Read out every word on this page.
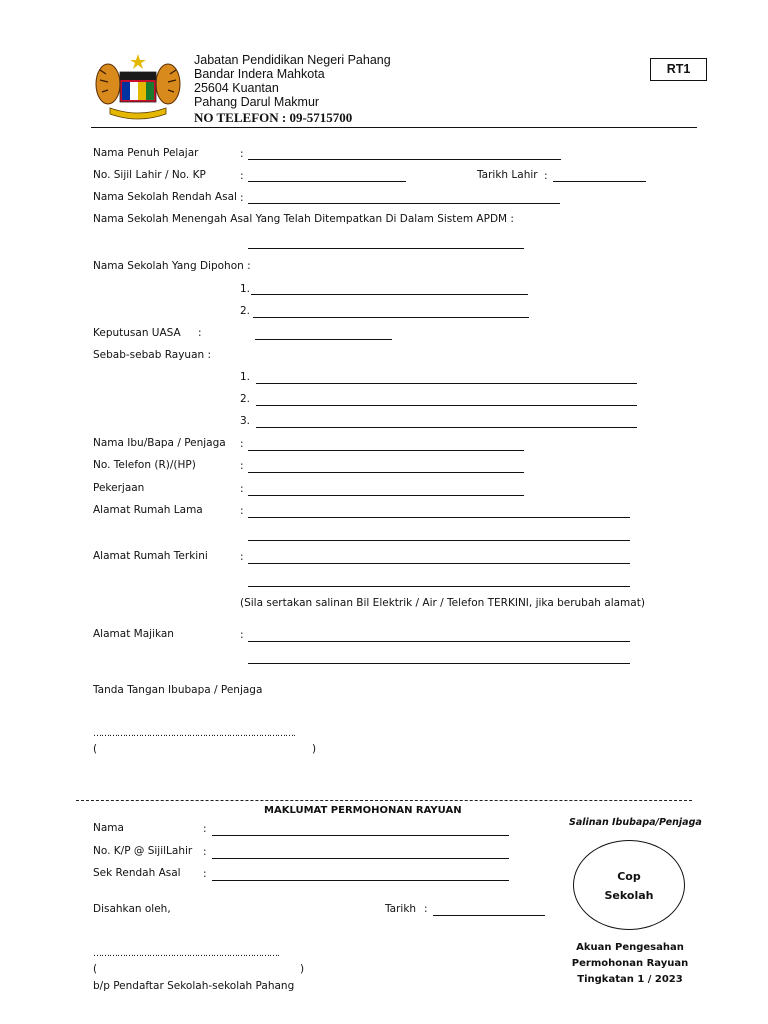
Jabatan Pendidikan Negeri Pahang
Bandar Indera Mahkota
25604 Kuantan
Pahang Darul Makmur
NO TELEFON : 09-5715700
RT1
Nama Penuh Pelajar	:
No. Sijil Lahir / No. KP	:	Tarikh Lahir :
Nama Sekolah Rendah Asal :
Nama Sekolah Menengah Asal Yang Telah Ditempatkan Di Dalam Sistem APDM :
Nama Sekolah Yang Dipohon :
1.
2.
Keputusan UASA :
Sebab-sebab Rayuan :
1.
2.
3.
Nama Ibu/Bapa / Penjaga :
No. Telefon (R)/(HP)	:
Pekerjaan	:
Alamat Rumah Lama	:
Alamat Rumah Terkini	:
(Sila sertakan salinan Bil Elektrik / Air / Telefon TERKINI, jika berubah alamat)
Alamat Majikan	:
Tanda Tangan Ibubapa / Penjaga
………………………………………………………………….
(	)
MAKLUMAT PERMOHONAN RAYUAN
Salinan Ibubapa/Penjaga
Nama	:
No. K/P @ SijilLahir :
Sek Rendah Asal :
Disahkan oleh,	Tarikh :
…………………………………………………………….
(	)
b/p Pendaftar Sekolah-sekolah Pahang
Cop
Sekolah
Akuan Pengesahan
Permohonan Rayuan
Tingkatan 1 / 2023
